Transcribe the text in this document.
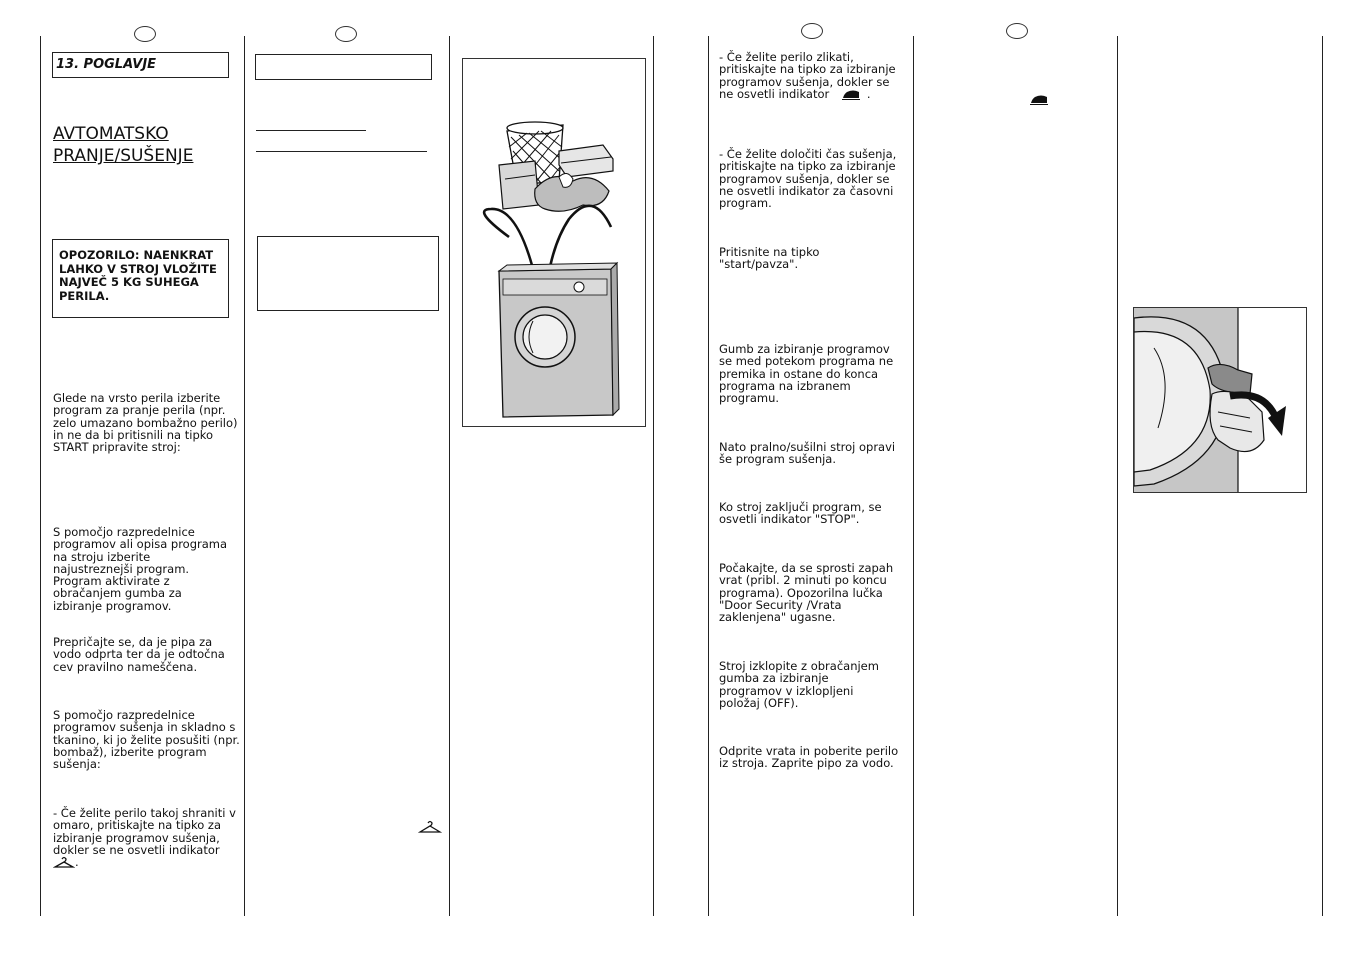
13. POGLAVJE
AVTOMATSKO
PRANJE/SUŠENJE
OPOZORILO: NAENKRAT LAHKO V STROJ VLOŽITE NAJVEČ 5 KG SUHEGA PERILA.

Glede na vrsto perila izberite program za pranje perila (npr. zelo umazano bombažno perilo) in ne da bi pritisnili na tipko START pripravite stroj:

S pomočjo razpredelnice programov ali opisa programa na stroju izberite najustreznejši program. Program aktivirate z obračanjem gumba za izbiranje programov.

Prepričajte se, da je pipa za vodo odprta ter da je odtočna cev pravilno nameščena.

S pomočjo razpredelnice programov sušenja in skladno s tkanino, ki jo želite posušiti (npr. bombaž), izberite program sušenja:

- Če želite perilo takoj shraniti v omaro, pritiskajte na tipko za izbiranje programov sušenja, dokler se ne osvetli indikator .

- Če želite perilo zlikati, pritiskajte na tipko za izbiranje programov sušenja, dokler se ne osvetli indikator	.

- Če želite določiti čas sušenja, pritiskajte na tipko za izbiranje programov sušenja, dokler se ne osvetli indikator za časovni program.

Pritisnite na tipko "start/pavza".

Gumb za izbiranje programov se med potekom programa ne premika in ostane do konca programa na izbranem programu.

Nato pralno/sušilni stroj opravi še program sušenja.

Ko stroj zaključi program, se osvetli indikator "STOP".

Počakajte, da se sprosti zapah vrat (pribl. 2 minuti po koncu programa). Opozorilna lučka "Door Security /Vrata zaklenjena" ugasne.

Stroj izklopite z obračanjem gumba za izbiranje programov v izklopljeni položaj (OFF).

Odprite vrata in poberite perilo iz stroja. Zaprite pipo za vodo.
